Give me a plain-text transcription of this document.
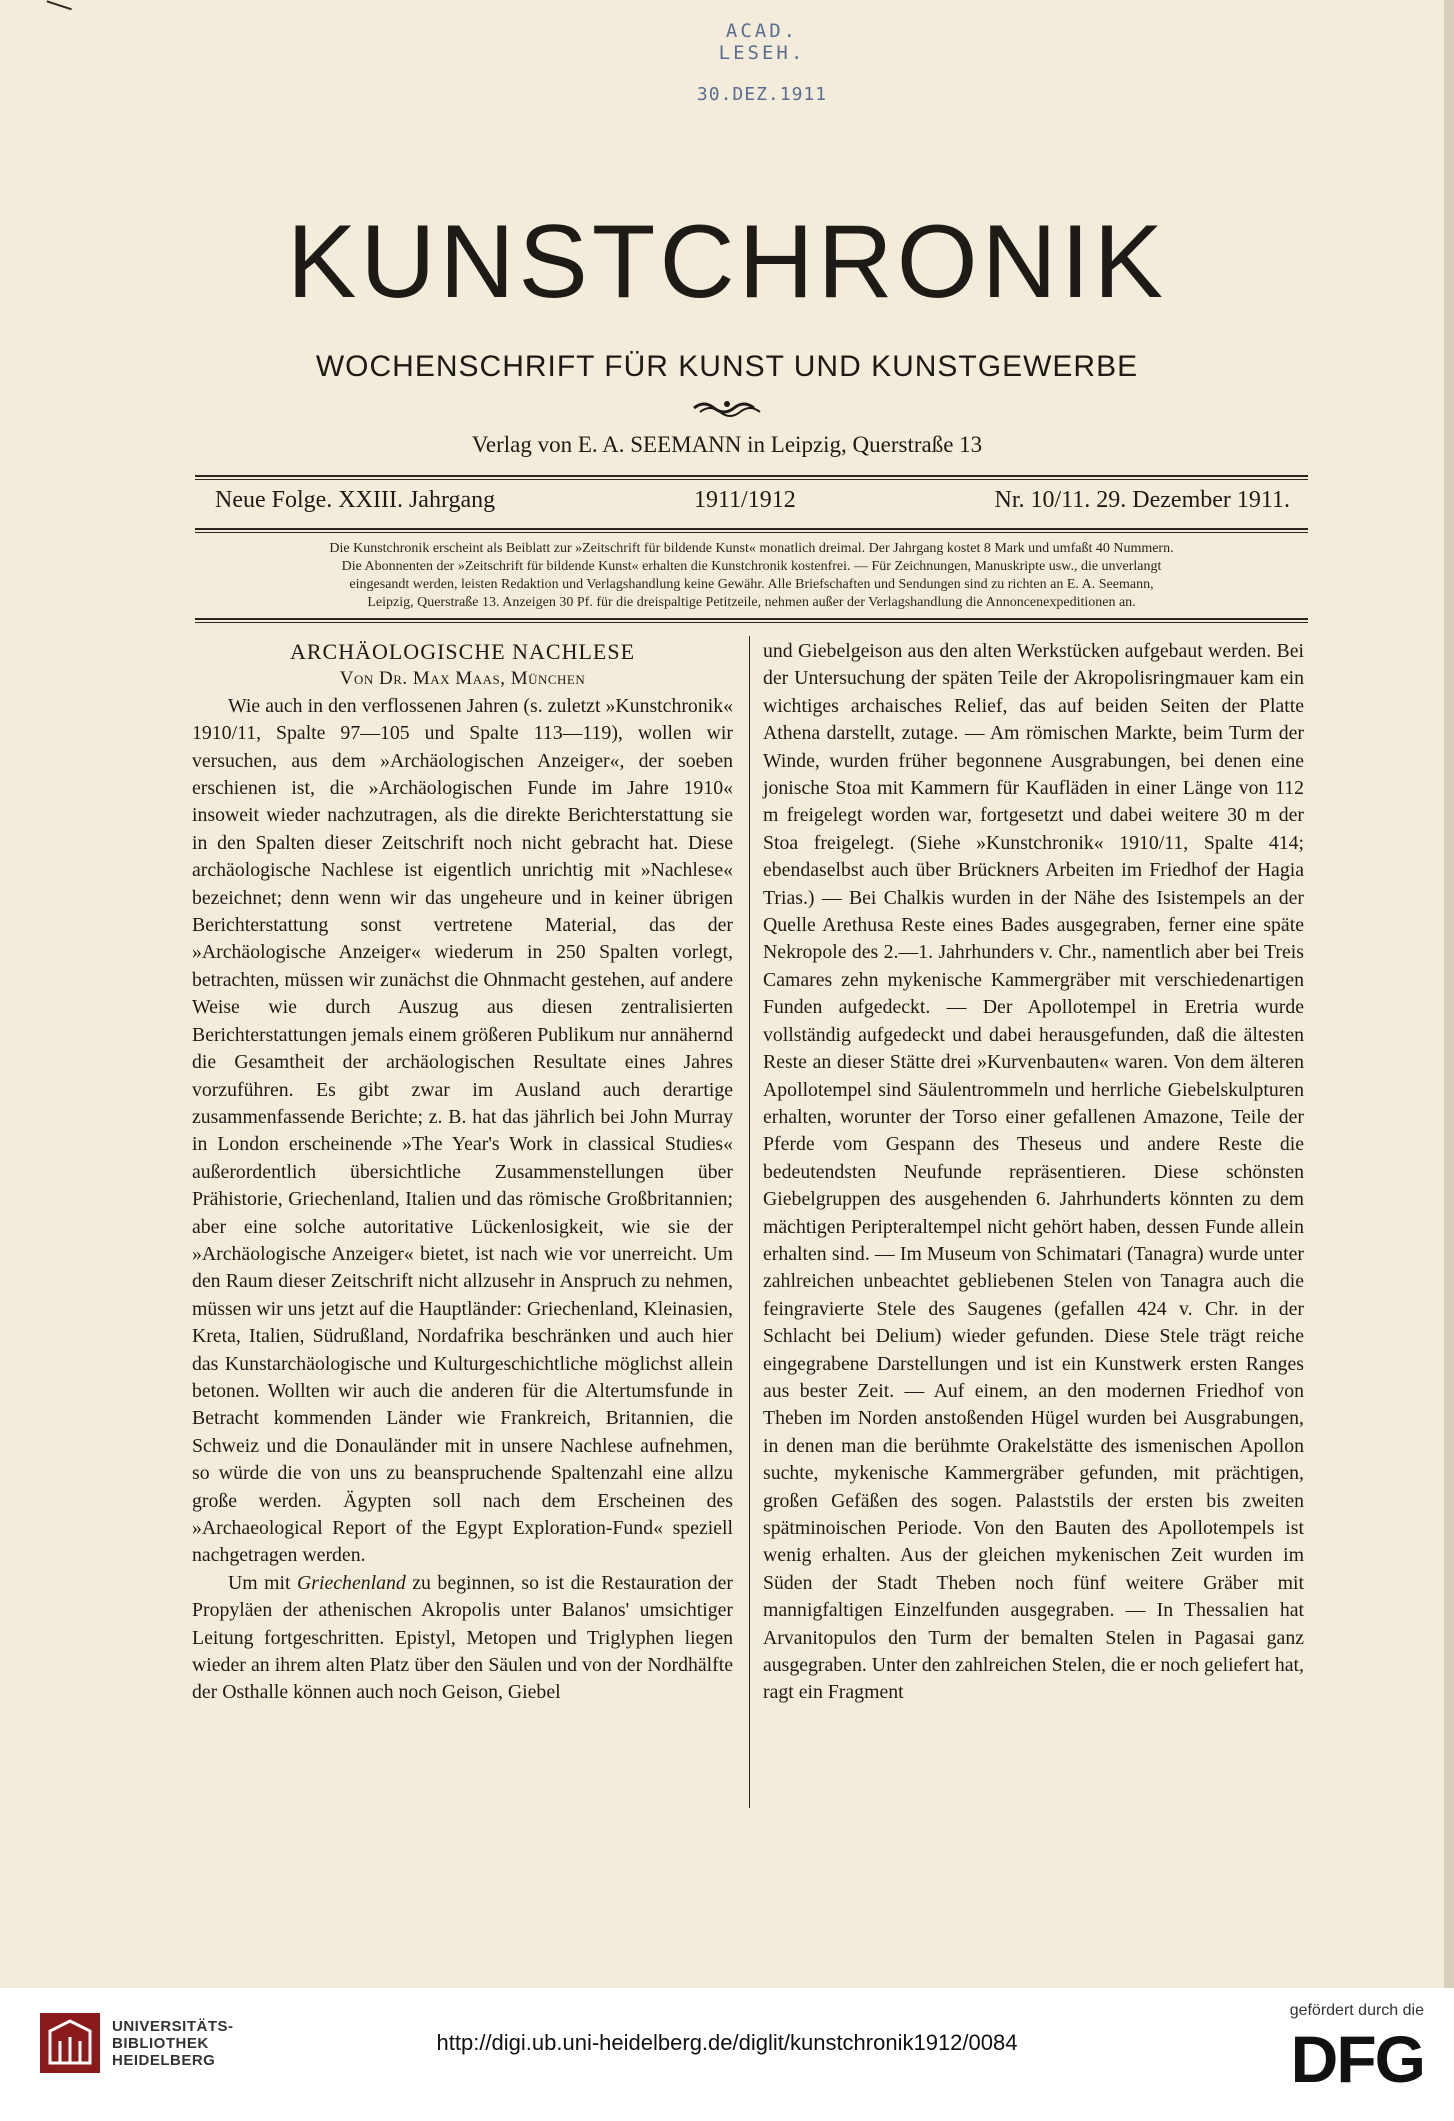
ACAD. LESEH.
30.DEZ.1911
KUNSTCHRONIK
WOCHENSCHRIFT FÜR KUNST UND KUNSTGEWERBE
Verlag von E. A. SEEMANN in Leipzig, Querstraße 13
Neue Folge. XXIII. Jahrgang	1911/1912	Nr. 10/11. 29. Dezember 1911.

Die Kunstchronik erscheint als Beiblatt zur »Zeitschrift für bildende Kunst« monatlich dreimal. Der Jahrgang kostet 8 Mark und umfaßt 40 Nummern.

Die Abonnenten der »Zeitschrift für bildende Kunst« erhalten die Kunstchronik kostenfrei. — Für Zeichnungen, Manuskripte usw., die unverlangt

eingesandt werden, leisten Redaktion und Verlagshandlung keine Gewähr. Alle Briefschaften und Sendungen sind zu richten an E. A. Seemann,

Leipzig, Querstraße 13. Anzeigen 30 Pf. für die dreispaltige Petitzeile, nehmen außer der Verlagshandlung die Annoncenexpeditionen an.

ARCHÄOLOGISCHE NACHLESE

Von Dr. Max Maas, München

Wie auch in den verflossenen Jahren (s. zuletzt »Kunstchronik« 1910/11, Spalte 97—105 und Spalte 113—119), wollen wir versuchen, aus dem »Archäologischen Anzeiger«, der soeben erschienen ist, die »Archäologischen Funde im Jahre 1910« insoweit wieder nachzutragen, als die direkte Berichterstattung sie in den Spalten dieser Zeitschrift noch nicht gebracht hat. Diese archäologische Nachlese ist eigentlich unrichtig mit »Nachlese« bezeichnet; denn wenn wir das ungeheure und in keiner übrigen Berichterstattung sonst vertretene Material, das der »Archäologische Anzeiger« wiederum in 250 Spalten vorlegt, betrachten, müssen wir zunächst die Ohnmacht gestehen, auf andere Weise wie durch Auszug aus diesen zentralisierten Berichterstattungen jemals einem größeren Publikum nur annähernd die Gesamtheit der archäologischen Resultate eines Jahres vorzuführen. Es gibt zwar im Ausland auch derartige zusammenfassende Berichte; z. B. hat das jährlich bei John Murray in London erscheinende »The Year's Work in classical Studies« außerordentlich übersichtliche Zusammenstellungen über Prähistorie, Griechenland, Italien und das römische Großbritannien; aber eine solche autoritative Lückenlosigkeit, wie sie der »Archäologische Anzeiger« bietet, ist nach wie vor unerreicht. Um den Raum dieser Zeitschrift nicht allzusehr in Anspruch zu nehmen, müssen wir uns jetzt auf die Hauptländer: Griechenland, Kleinasien, Kreta, Italien, Südrußland, Nordafrika beschränken und auch hier das Kunstarchäologische und Kulturgeschichtliche möglichst allein betonen. Wollten wir auch die anderen für die Altertumsfunde in Betracht kommenden Länder wie Frankreich, Britannien, die Schweiz und die Donauländer mit in unsere Nachlese aufnehmen, so würde die von uns zu beanspruchende Spaltenzahl eine allzu große werden. Ägypten soll nach dem Erscheinen des »Archaeological Report of the Egypt Exploration-Fund« speziell nachgetragen werden.

Um mit Griechenland zu beginnen, so ist die Restauration der Propyläen der athenischen Akropolis unter Balanos' umsichtiger Leitung fortgeschritten. Epistyl, Metopen und Triglyphen liegen wieder an ihrem alten Platz über den Säulen und von der Nordhälfte der Osthalle können auch noch Geison, Giebel

und Giebelgeison aus den alten Werkstücken aufgebaut werden. Bei der Untersuchung der späten Teile der Akropolisringmauer kam ein wichtiges archaisches Relief, das auf beiden Seiten der Platte Athena darstellt, zutage. — Am römischen Markte, beim Turm der Winde, wurden früher begonnene Ausgrabungen, bei denen eine jonische Stoa mit Kammern für Kaufläden in einer Länge von 112 m freigelegt worden war, fortgesetzt und dabei weitere 30 m der Stoa freigelegt. (Siehe »Kunstchronik« 1910/11, Spalte 414; ebendaselbst auch über Brückners Arbeiten im Friedhof der Hagia Trias.) — Bei Chalkis wurden in der Nähe des Isistempels an der Quelle Arethusa Reste eines Bades ausgegraben, ferner eine späte Nekropole des 2.—1. Jahrhunders v. Chr., namentlich aber bei Treis Camares zehn mykenische Kammergräber mit verschiedenartigen Funden aufgedeckt. — Der Apollotempel in Eretria wurde vollständig aufgedeckt und dabei herausgefunden, daß die ältesten Reste an dieser Stätte drei »Kurvenbauten« waren. Von dem älteren Apollotempel sind Säulentrommeln und herrliche Giebelskulpturen erhalten, worunter der Torso einer gefallenen Amazone, Teile der Pferde vom Gespann des Theseus und andere Reste die bedeutendsten Neufunde repräsentieren. Diese schönsten Giebelgruppen des ausgehenden 6. Jahrhunderts könnten zu dem mächtigen Peripteraltempel nicht gehört haben, dessen Funde allein erhalten sind. — Im Museum von Schimatari (Tanagra) wurde unter zahlreichen unbeachtet gebliebenen Stelen von Tanagra auch die feingravierte Stele des Saugenes (gefallen 424 v. Chr. in der Schlacht bei Delium) wieder gefunden. Diese Stele trägt reiche eingegrabene Darstellungen und ist ein Kunstwerk ersten Ranges aus bester Zeit. — Auf einem, an den modernen Friedhof von Theben im Norden anstoßenden Hügel wurden bei Ausgrabungen, in denen man die berühmte Orakelstätte des ismenischen Apollon suchte, mykenische Kammergräber gefunden, mit prächtigen, großen Gefäßen des sogen. Palaststils der ersten bis zweiten spätminoischen Periode. Von den Bauten des Apollotempels ist wenig erhalten. Aus der gleichen mykenischen Zeit wurden im Süden der Stadt Theben noch fünf weitere Gräber mit mannigfaltigen Einzelfunden ausgegraben. — In Thessalien hat Arvanitopulos den Turm der bemalten Stelen in Pagasai ganz ausgegraben. Unter den zahlreichen Stelen, die er noch geliefert hat, ragt ein Fragment

UNIVERSITÄTS-
BIBLIOTHEK
HEIDELBERG
http://digi.ub.uni-heidelberg.de/diglit/kunstchronik1912/0084
gefördert durch die
DFG
